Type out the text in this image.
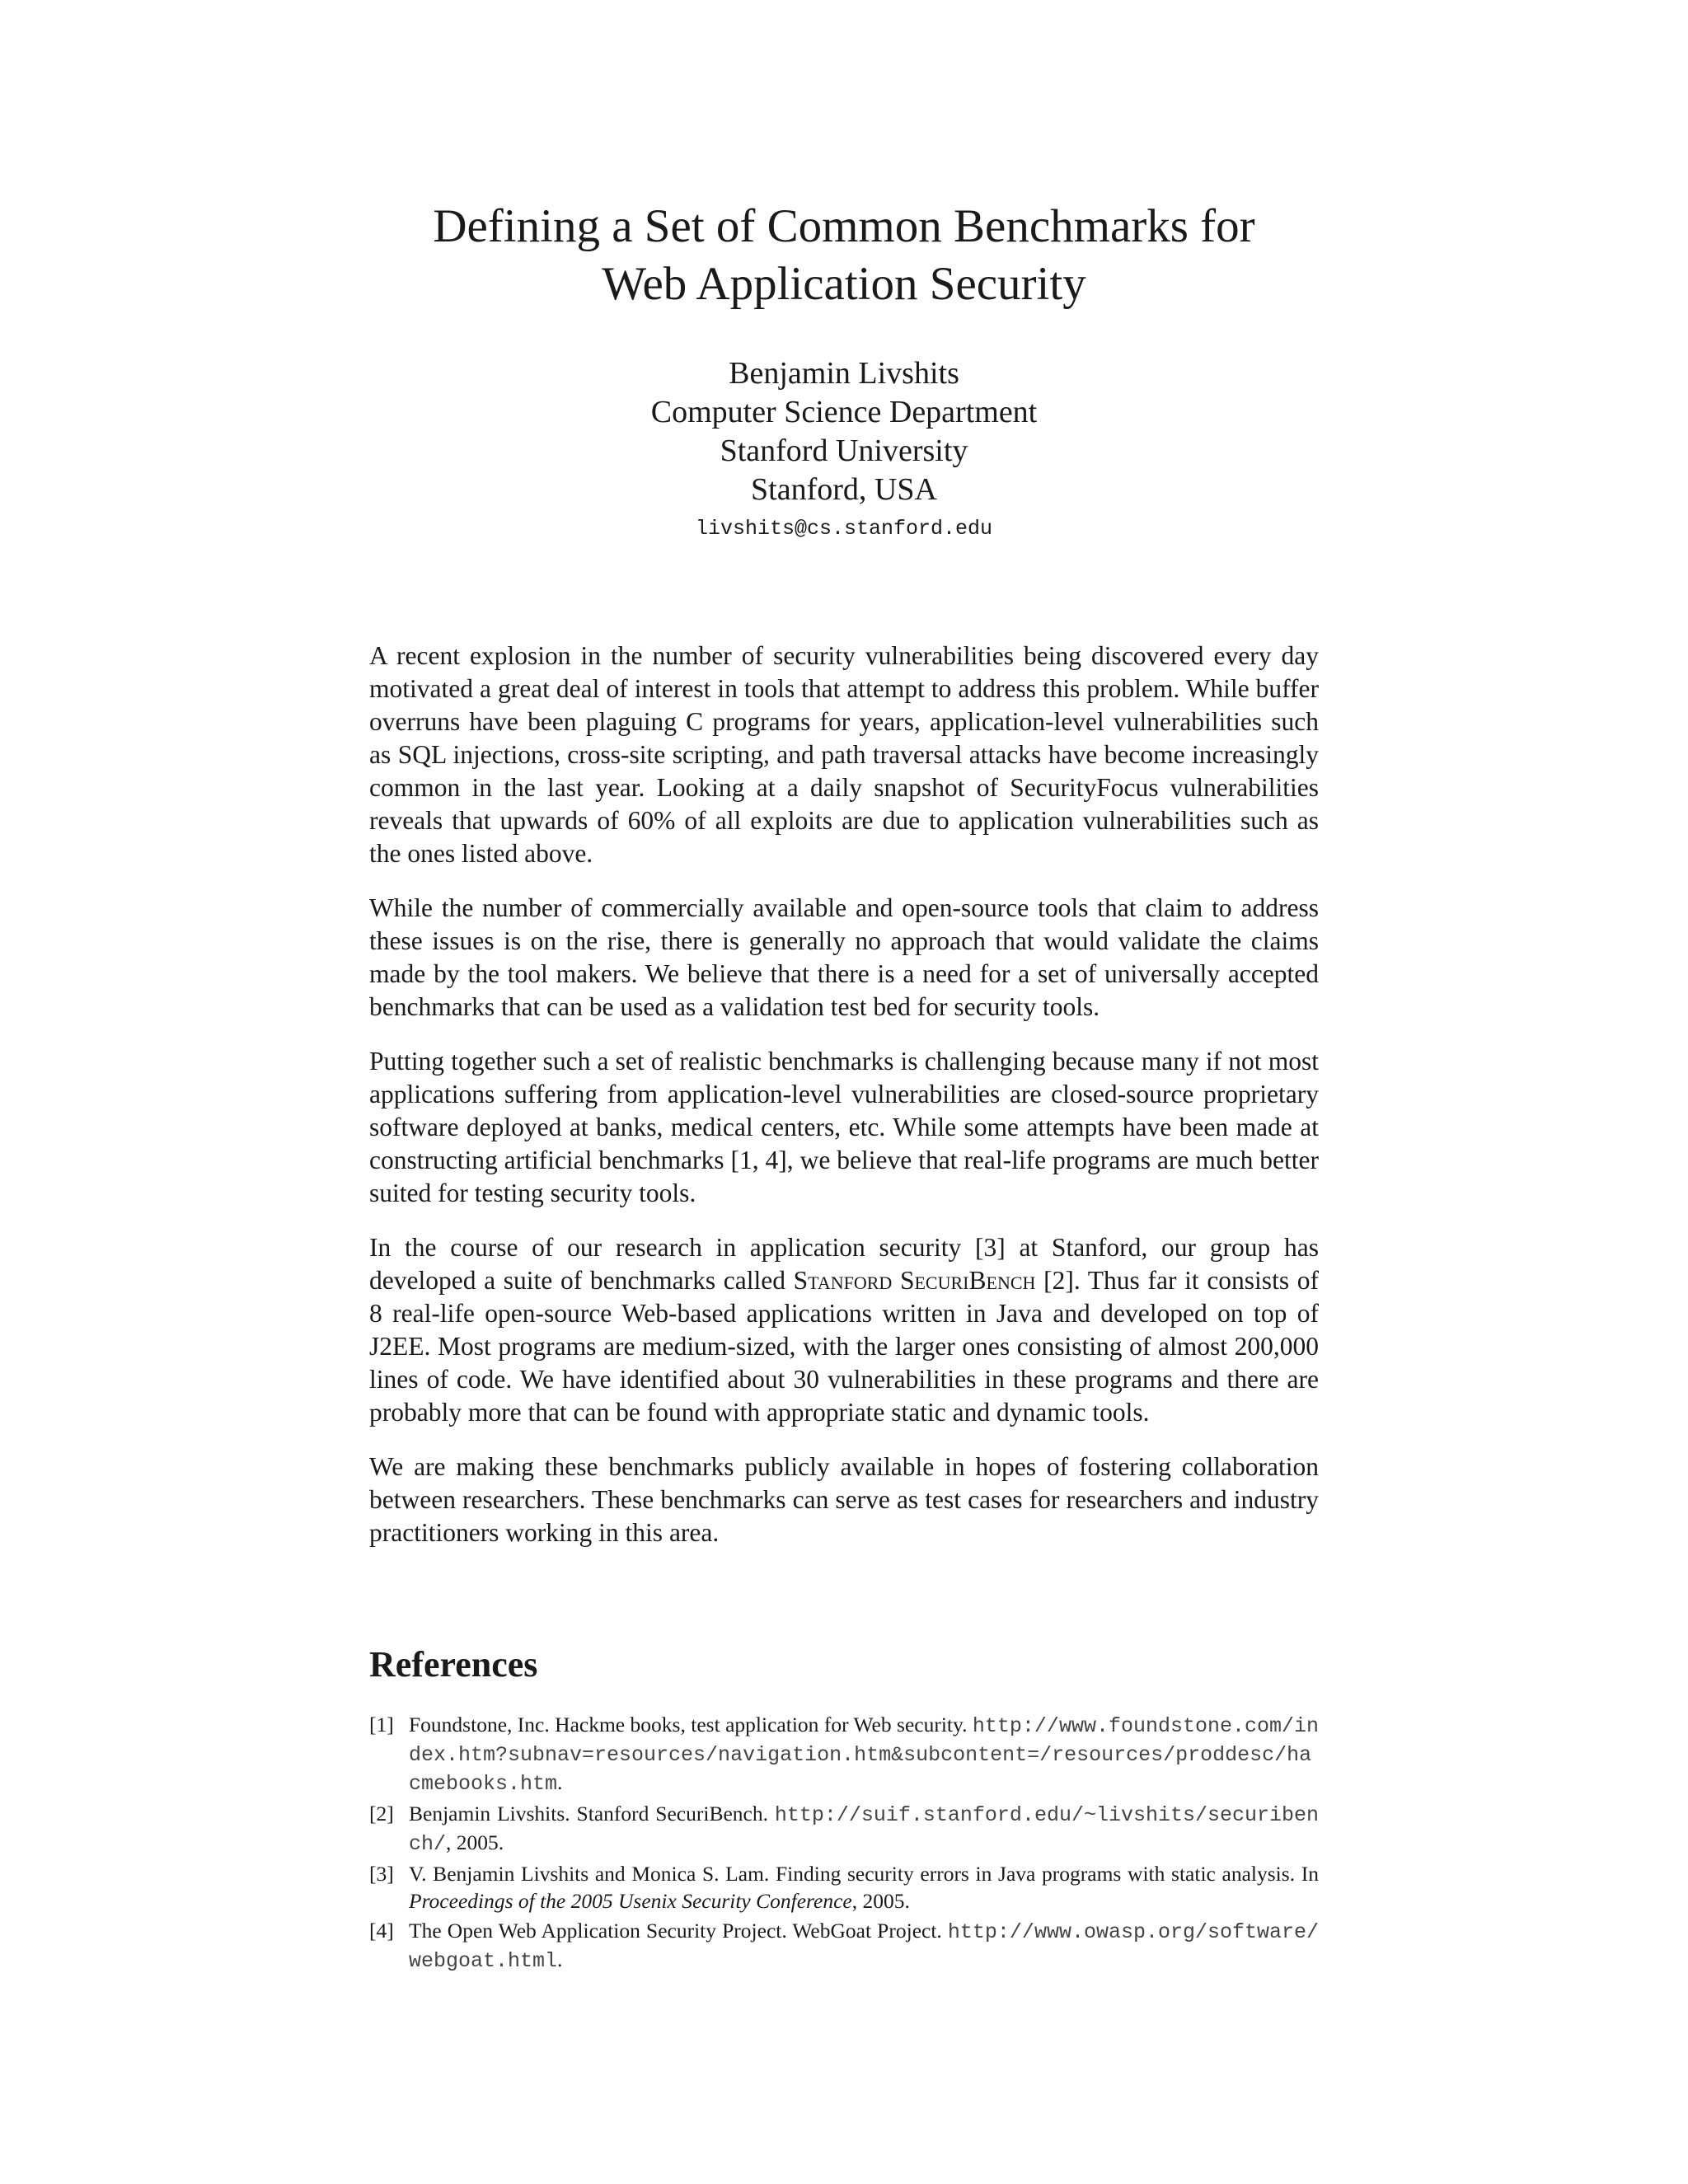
Defining a Set of Common Benchmarks for
Web Application Security
Benjamin Livshits
Computer Science Department
Stanford University
Stanford, USA
livshits@cs.stanford.edu

A recent explosion in the number of security vulnerabilities being discovered every day motivated a great deal of interest in tools that attempt to address this problem. While buffer overruns have been plaguing C programs for years, application-level vulnerabilities such as SQL injections, cross-site scripting, and path traversal attacks have become increasingly common in the last year. Looking at a daily snapshot of SecurityFocus vulnerabilities reveals that upwards of 60% of all exploits are due to application vulnerabilities such as the ones listed above.

While the number of commercially available and open-source tools that claim to address these issues is on the rise, there is generally no approach that would validate the claims made by the tool makers. We believe that there is a need for a set of universally accepted benchmarks that can be used as a validation test bed for security tools.

Putting together such a set of realistic benchmarks is challenging because many if not most applications suffering from application-level vulnerabilities are closed-source proprietary software deployed at banks, medical centers, etc. While some attempts have been made at constructing artificial benchmarks [1, 4], we believe that real-life programs are much better suited for testing security tools.

In the course of our research in application security [3] at Stanford, our group has developed a suite of benchmarks called Stanford SecuriBench [2]. Thus far it consists of 8 real-life open-source Web-based applications written in Java and developed on top of J2EE. Most programs are medium-sized, with the larger ones consisting of almost 200,000 lines of code. We have identified about 30 vulnerabilities in these programs and there are probably more that can be found with appropriate static and dynamic tools.

We are making these benchmarks publicly available in hopes of fostering collaboration between researchers. These benchmarks can serve as test cases for researchers and industry practitioners working in this area.

References
[1] Foundstone, Inc. Hackme books, test application for Web security. http://www.foundstone.com/index.htm?subnav=resources/navigation.htm&subcontent=/resources/proddesc/hacmebooks.htm.
[2] Benjamin Livshits. Stanford SecuriBench. http://suif.stanford.edu/~livshits/securibench/, 2005.
[3] V. Benjamin Livshits and Monica S. Lam. Finding security errors in Java programs with static analysis. In Proceedings of the 2005 Usenix Security Conference, 2005.
[4] The Open Web Application Security Project. WebGoat Project. http://www.owasp.org/software/webgoat.html.
